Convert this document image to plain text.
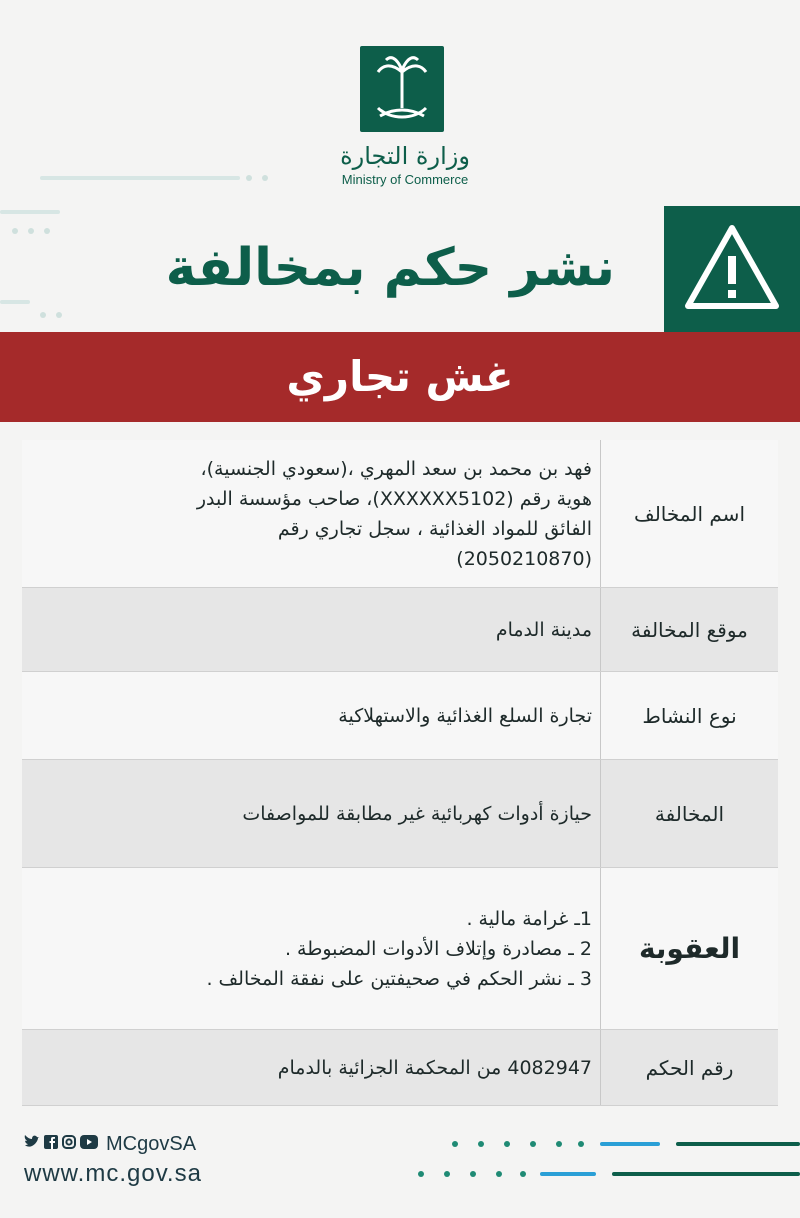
وزارة التجارة
Ministry of Commerce
نشر حكم بمخالفة
غش تجاري
اسم المخالف
فهد بن محمد بن سعد المهري ،(سعودي الجنسية)،
هوية رقم (XXXXXX5102)، صاحب مؤسسة البدر
الفائق للمواد الغذائية ، سجل تجاري رقم
(2050210870)
موقع المخالفة
مدينة الدمام
نوع النشاط
تجارة السلع الغذائية والاستهلاكية
المخالفة
حيازة أدوات كهربائية غير مطابقة للمواصفات
العقوبة
1ـ غرامة مالية .
2 ـ مصادرة وإتلاف الأدوات المضبوطة .
3 ـ نشر الحكم في صحيفتين على نفقة المخالف .
رقم الحكم
4082947 من المحكمة الجزائية بالدمام
MCgovSA
www.mc.gov.sa
